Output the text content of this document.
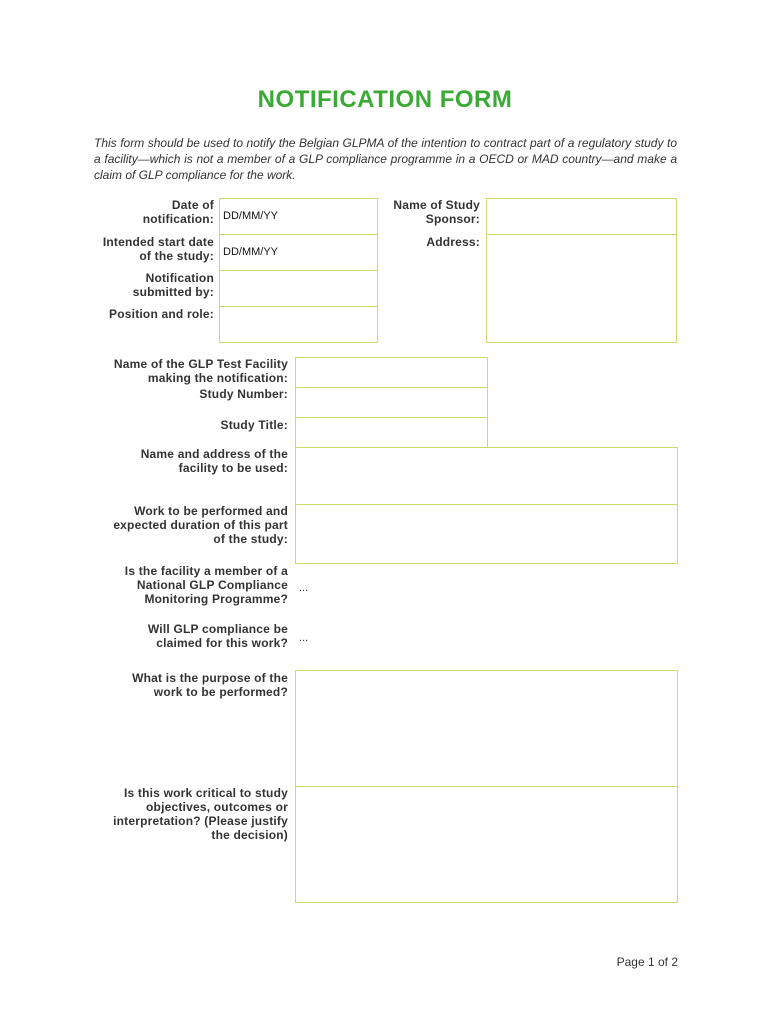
NOTIFICATION FORM
This form should be used to notify the Belgian GLPMA of the intention to contract part of a regulatory study to a facility—which is not a member of a GLP compliance programme in a OECD or MAD country—and make a claim of GLP compliance for the work.
Date of notification: DD/MM/YY
Intended start date of the study: DD/MM/YY
Notification submitted by:
Position and role:
Name of Study Sponsor:
Address:
Name of the GLP Test Facility making the notification:
Study Number:
Study Title:
Name and address of the facility to be used:
Work to be performed and expected duration of this part of the study:
Is the facility a member of a National GLP Compliance Monitoring Programme?
...
Will GLP compliance be claimed for this work? ...
What is the purpose of the work to be performed?
Is this work critical to study objectives, outcomes or interpretation? (Please justify the decision)
Page 1 of 2
